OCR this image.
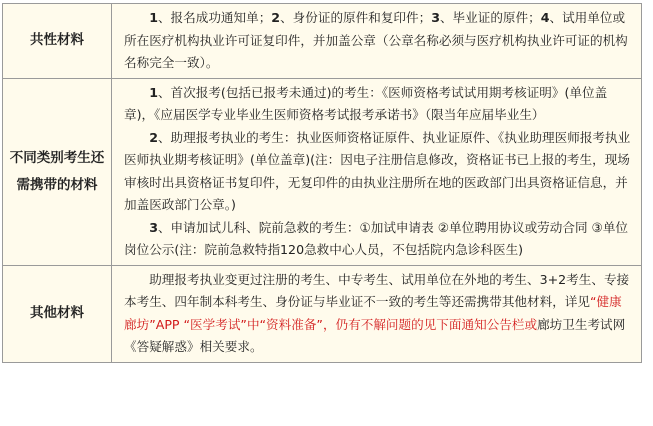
共性材料	1、报名成功通知单；2、身份证的原件和复印件；3、毕业证的原件；4、试用单位或所在医疗机构执业许可证复印件，并加盖公章（公章名称必须与医疗机构执业许可证的机构名称完全一致）。

不同类别考生还需携带的材料	1、首次报考(包括已报考未通过)的考生：《医师资格考试试用期考核证明》(单位盖章)，《应届医学专业毕业生医师资格考试报考承诺书》（限当年应届毕业生）

2、助理报考执业的考生：执业医师资格证原件、执业证原件、《执业助理医师报考执业医师执业期考核证明》(单位盖章)(注：因电子注册信息修改，资格证书已上报的考生，现场审核时出具资格证书复印件，无复印件的由执业注册所在地的医政部门出具资格证信息，并加盖医政部门公章。)

3、申请加试儿科、院前急救的考生：①加试申请表 ②单位聘用协议或劳动合同 ③单位岗位公示(注：院前急救特指120急救中心人员，不包括院内急诊科医生)

其他材料	助理报考执业变更过注册的考生、中专考生、试用单位在外地的考生、3+2考生、专接本考生、四年制本科考生、身份证与毕业证不一致的考生等还需携带其他材料，详见“健康廊坊”APP “医学考试”中“资料准备”，仍有不解问题的见下面通知公告栏或廊坊卫生考试网《答疑解惑》相关要求。
